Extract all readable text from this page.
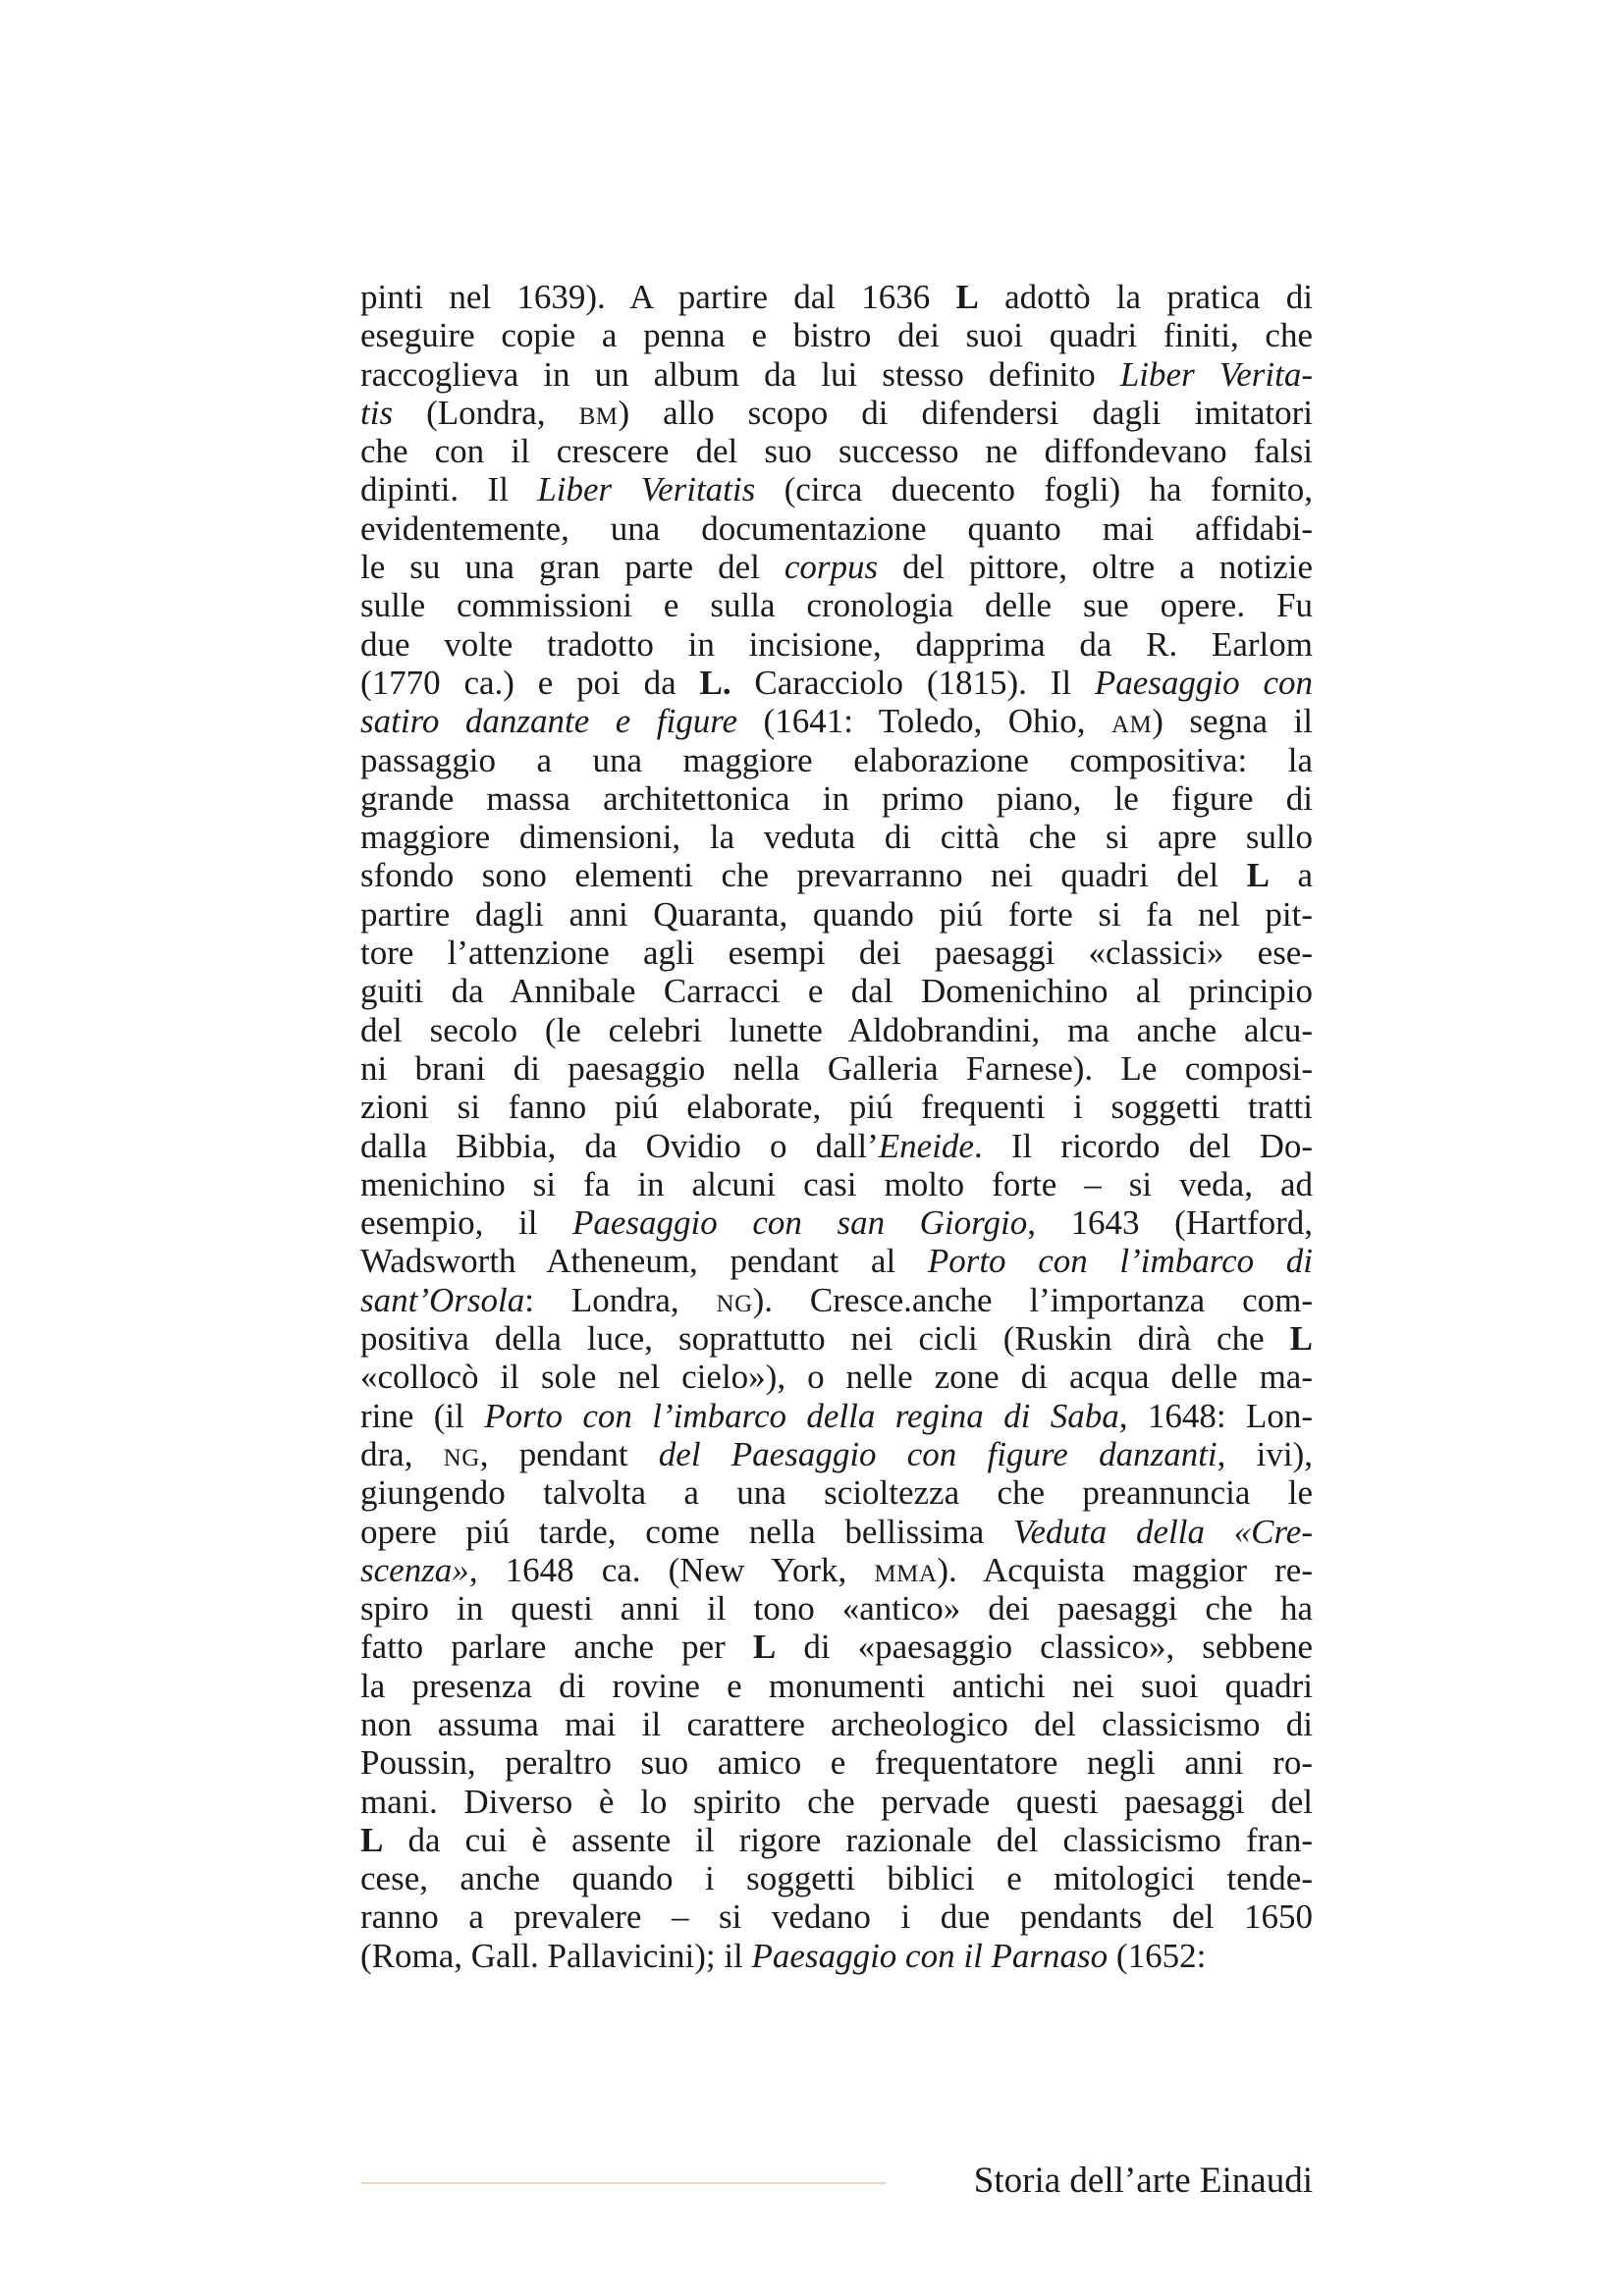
pinti nel 1639). A partire dal 1636 L adottò la pratica di
eseguire copie a penna e bistro dei suoi quadri finiti, che
raccoglieva in un album da lui stesso definito Liber Verita-
tis (Londra, bm) allo scopo di difendersi dagli imitatori
che con il crescere del suo successo ne diffondevano falsi
dipinti. Il Liber Veritatis (circa duecento fogli) ha fornito,
evidentemente, una documentazione quanto mai affidabi-
le su una gran parte del corpus del pittore, oltre a notizie
sulle commissioni e sulla cronologia delle sue opere. Fu
due volte tradotto in incisione, dapprima da R. Earlom
(1770 ca.) e poi da L. Caracciolo (1815). Il Paesaggio con
satiro danzante e figure (1641: Toledo, Ohio, am) segna il
passaggio a una maggiore elaborazione compositiva: la
grande massa architettonica in primo piano, le figure di
maggiore dimensioni, la veduta di città che si apre sullo
sfondo sono elementi che prevarranno nei quadri del L a
partire dagli anni Quaranta, quando piú forte si fa nel pit-
tore l’attenzione agli esempi dei paesaggi «classici» ese-
guiti da Annibale Carracci e dal Domenichino al principio
del secolo (le celebri lunette Aldobrandini, ma anche alcu-
ni brani di paesaggio nella Galleria Farnese). Le composi-
zioni si fanno piú elaborate, piú frequenti i soggetti tratti
dalla Bibbia, da Ovidio o dall’Eneide. Il ricordo del Do-
menichino si fa in alcuni casi molto forte – si veda, ad
esempio, il Paesaggio con san Giorgio, 1643 (Hartford,
Wadsworth Atheneum, pendant al Porto con l’imbarco di
sant’Orsola: Londra, ng). Cresce.anche l’importanza com-
positiva della luce, soprattutto nei cicli (Ruskin dirà che L
«collocò il sole nel cielo»), o nelle zone di acqua delle ma-
rine (il Porto con l’imbarco della regina di Saba, 1648: Lon-
dra, ng, pendant del Paesaggio con figure danzanti, ivi),
giungendo talvolta a una scioltezza che preannuncia le
opere piú tarde, come nella bellissima Veduta della «Cre-
scenza», 1648 ca. (New York, mma). Acquista maggior re-
spiro in questi anni il tono «antico» dei paesaggi che ha
fatto parlare anche per L di «paesaggio classico», sebbene
la presenza di rovine e monumenti antichi nei suoi quadri
non assuma mai il carattere archeologico del classicismo di
Poussin, peraltro suo amico e frequentatore negli anni ro-
mani. Diverso è lo spirito che pervade questi paesaggi del
L da cui è assente il rigore razionale del classicismo fran-
cese, anche quando i soggetti biblici e mitologici tende-
ranno a prevalere – si vedano i due pendants del 1650
(Roma, Gall. Pallavicini); il Paesaggio con il Parnaso (1652:
Storia dell’arte Einaudi
